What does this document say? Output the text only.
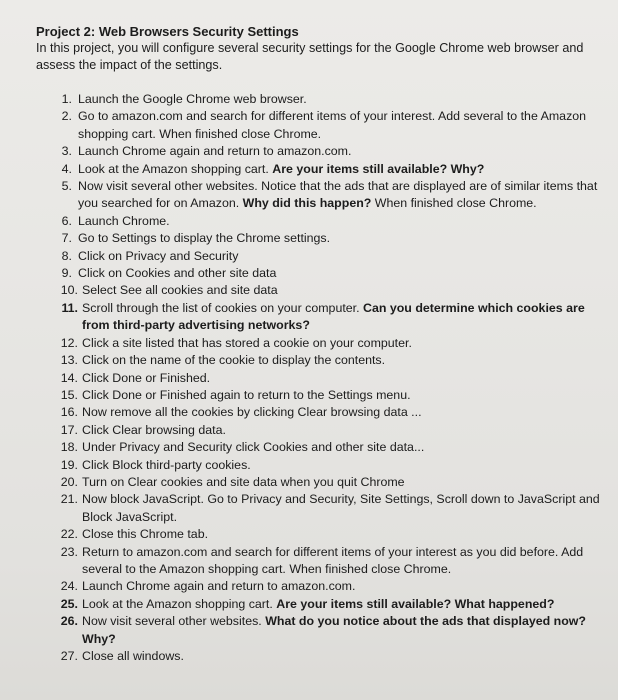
Project 2: Web Browsers Security Settings
In this project, you will configure several security settings for the Google Chrome web browser and assess the impact of the settings.
1. Launch the Google Chrome web browser.
2. Go to amazon.com and search for different items of your interest. Add several to the Amazon shopping cart. When finished close Chrome.
3. Launch Chrome again and return to amazon.com.
4. Look at the Amazon shopping cart. Are your items still available? Why?
5. Now visit several other websites. Notice that the ads that are displayed are of similar items that you searched for on Amazon. Why did this happen? When finished close Chrome.
6. Launch Chrome.
7. Go to Settings to display the Chrome settings.
8. Click on Privacy and Security
9. Click on Cookies and other site data
10. Select See all cookies and site data
11. Scroll through the list of cookies on your computer. Can you determine which cookies are from third-party advertising networks?
12. Click a site listed that has stored a cookie on your computer.
13. Click on the name of the cookie to display the contents.
14. Click Done or Finished.
15. Click Done or Finished again to return to the Settings menu.
16. Now remove all the cookies by clicking Clear browsing data ...
17. Click Clear browsing data.
18. Under Privacy and Security click Cookies and other site data...
19. Click Block third-party cookies.
20. Turn on Clear cookies and site data when you quit Chrome
21. Now block JavaScript. Go to Privacy and Security, Site Settings, Scroll down to JavaScript and Block JavaScript.
22. Close this Chrome tab.
23. Return to amazon.com and search for different items of your interest as you did before. Add several to the Amazon shopping cart. When finished close Chrome.
24. Launch Chrome again and return to amazon.com.
25. Look at the Amazon shopping cart. Are your items still available? What happened?
26. Now visit several other websites. What do you notice about the ads that displayed now? Why?
27. Close all windows.
